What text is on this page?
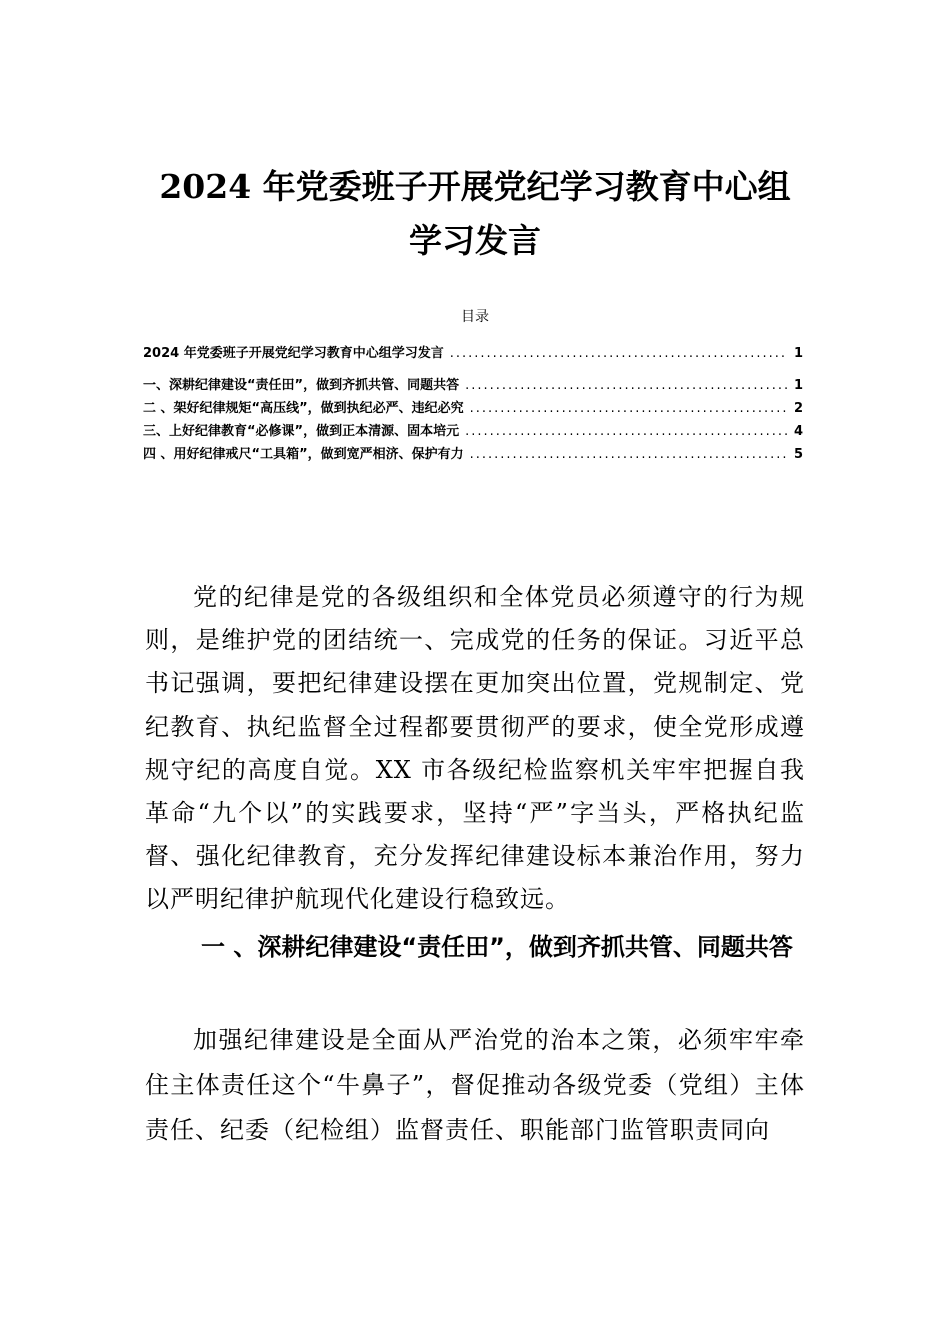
2024 年党委班子开展党纪学习教育中心组
学习发言
目录
2024 年党委班子开展党纪学习教育中心组学习发言 .....	1
一、深耕纪律建设“责任田”，做到齐抓共管、同题共答 .....	1
二 、架好纪律规矩“高压线”，做到执纪必严、违纪必究 .....	2
三、上好纪律教育“必修课”，做到正本清源、固本培元 .....	4
四 、用好纪律戒尺“工具箱”，做到宽严相济、保护有力 .....	5

党的纪律是党的各级组织和全体党员必须遵守的行为规则，是维护党的团结统一、完成党的任务的保证。习近平总书记强调，要把纪律建设摆在更加突出位置，党规制定、党纪教育、执纪监督全过程都要贯彻严的要求，使全党形成遵规守纪的高度自觉。XX 市各级纪检监察机关牢牢把握自我革命“九个以”的实践要求，坚持“严”字当头，严格执纪监督、强化纪律教育，充分发挥纪律建设标本兼治作用，努力以严明纪律护航现代化建设行稳致远。

一 、深耕纪律建设“责任田”，做到齐抓共管、同题共答

加强纪律建设是全面从严治党的治本之策，必须牢牢牵住主体责任这个“牛鼻子”，督促推动各级党委（党组）主体责任、纪委（纪检组）监督责任、职能部门监管职责同向
